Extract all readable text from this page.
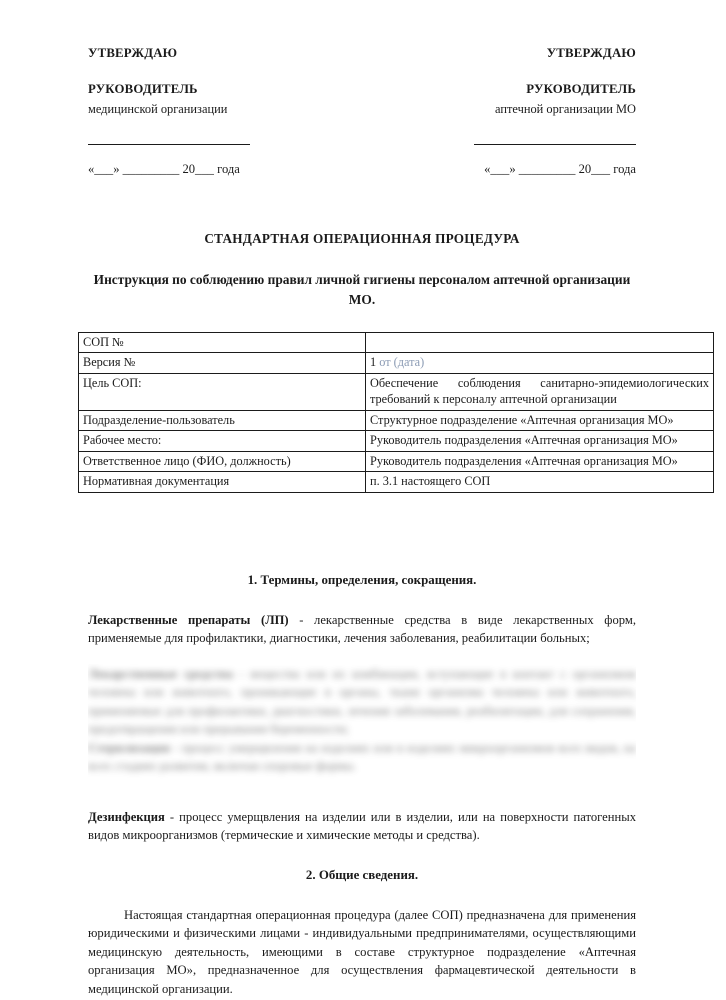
УТВЕРЖДАЮ
РУКОВОДИТЕЛЬ
медицинской организации
«___» _________ 20___ года
УТВЕРЖДАЮ
РУКОВОДИТЕЛЬ
аптечной организации МО
«___» _________ 20___ года
СТАНДАРТНАЯ ОПЕРАЦИОННАЯ ПРОЦЕДУРА
Инструкция по соблюдению правил личной гигиены персоналом аптечной организации МО.
СОП №	
Версия №	1 от (дата)
Цель СОП:	Обеспечение соблюдения санитарно-эпидемиологических требований к персоналу аптечной организации
Подразделение-пользователь	Структурное подразделение «Аптечная организация МО»
Рабочее место:	Руководитель подразделения «Аптечная организация МО»
Ответственное лицо (ФИО, должность)	Руководитель подразделения «Аптечная организация МО»
Нормативная документация	п. 3.1 настоящего СОП
1. Термины, определения, сокращения.
Лекарственные препараты (ЛП) - лекарственные средства в виде лекарственных форм, применяемые для профилактики, диагностики, лечения заболевания, реабилитации больных;
Лекарственные средства - вещества или их комбинации, вступающие в контакт с организмом человека или животного, проникающие в органы, ткани организма человека или животного, применяемые для профилактики, диагностики, лечения заболевания, реабилитации, для сохранения, предотвращения или прерывания беременности;
Стерилизация - процесс умерщвления на изделиях или в изделиях микроорганизмов всех видов, на всех стадиях развития, включая споровые формы.
Дезинфекция - процесс умерщвления на изделии или в изделии, или на поверхности патогенных видов микроорганизмов (термические и химические методы и средства).
2. Общие сведения.
Настоящая стандартная операционная процедура (далее СОП) предназначена для применения юридическими и физическими лицами - индивидуальными предпринимателями, осуществляющими медицинскую деятельность, имеющими в составе структурное подразделение «Аптечная организация МО», предназначенное для осуществления фармацевтической деятельности в медицинской организации.
